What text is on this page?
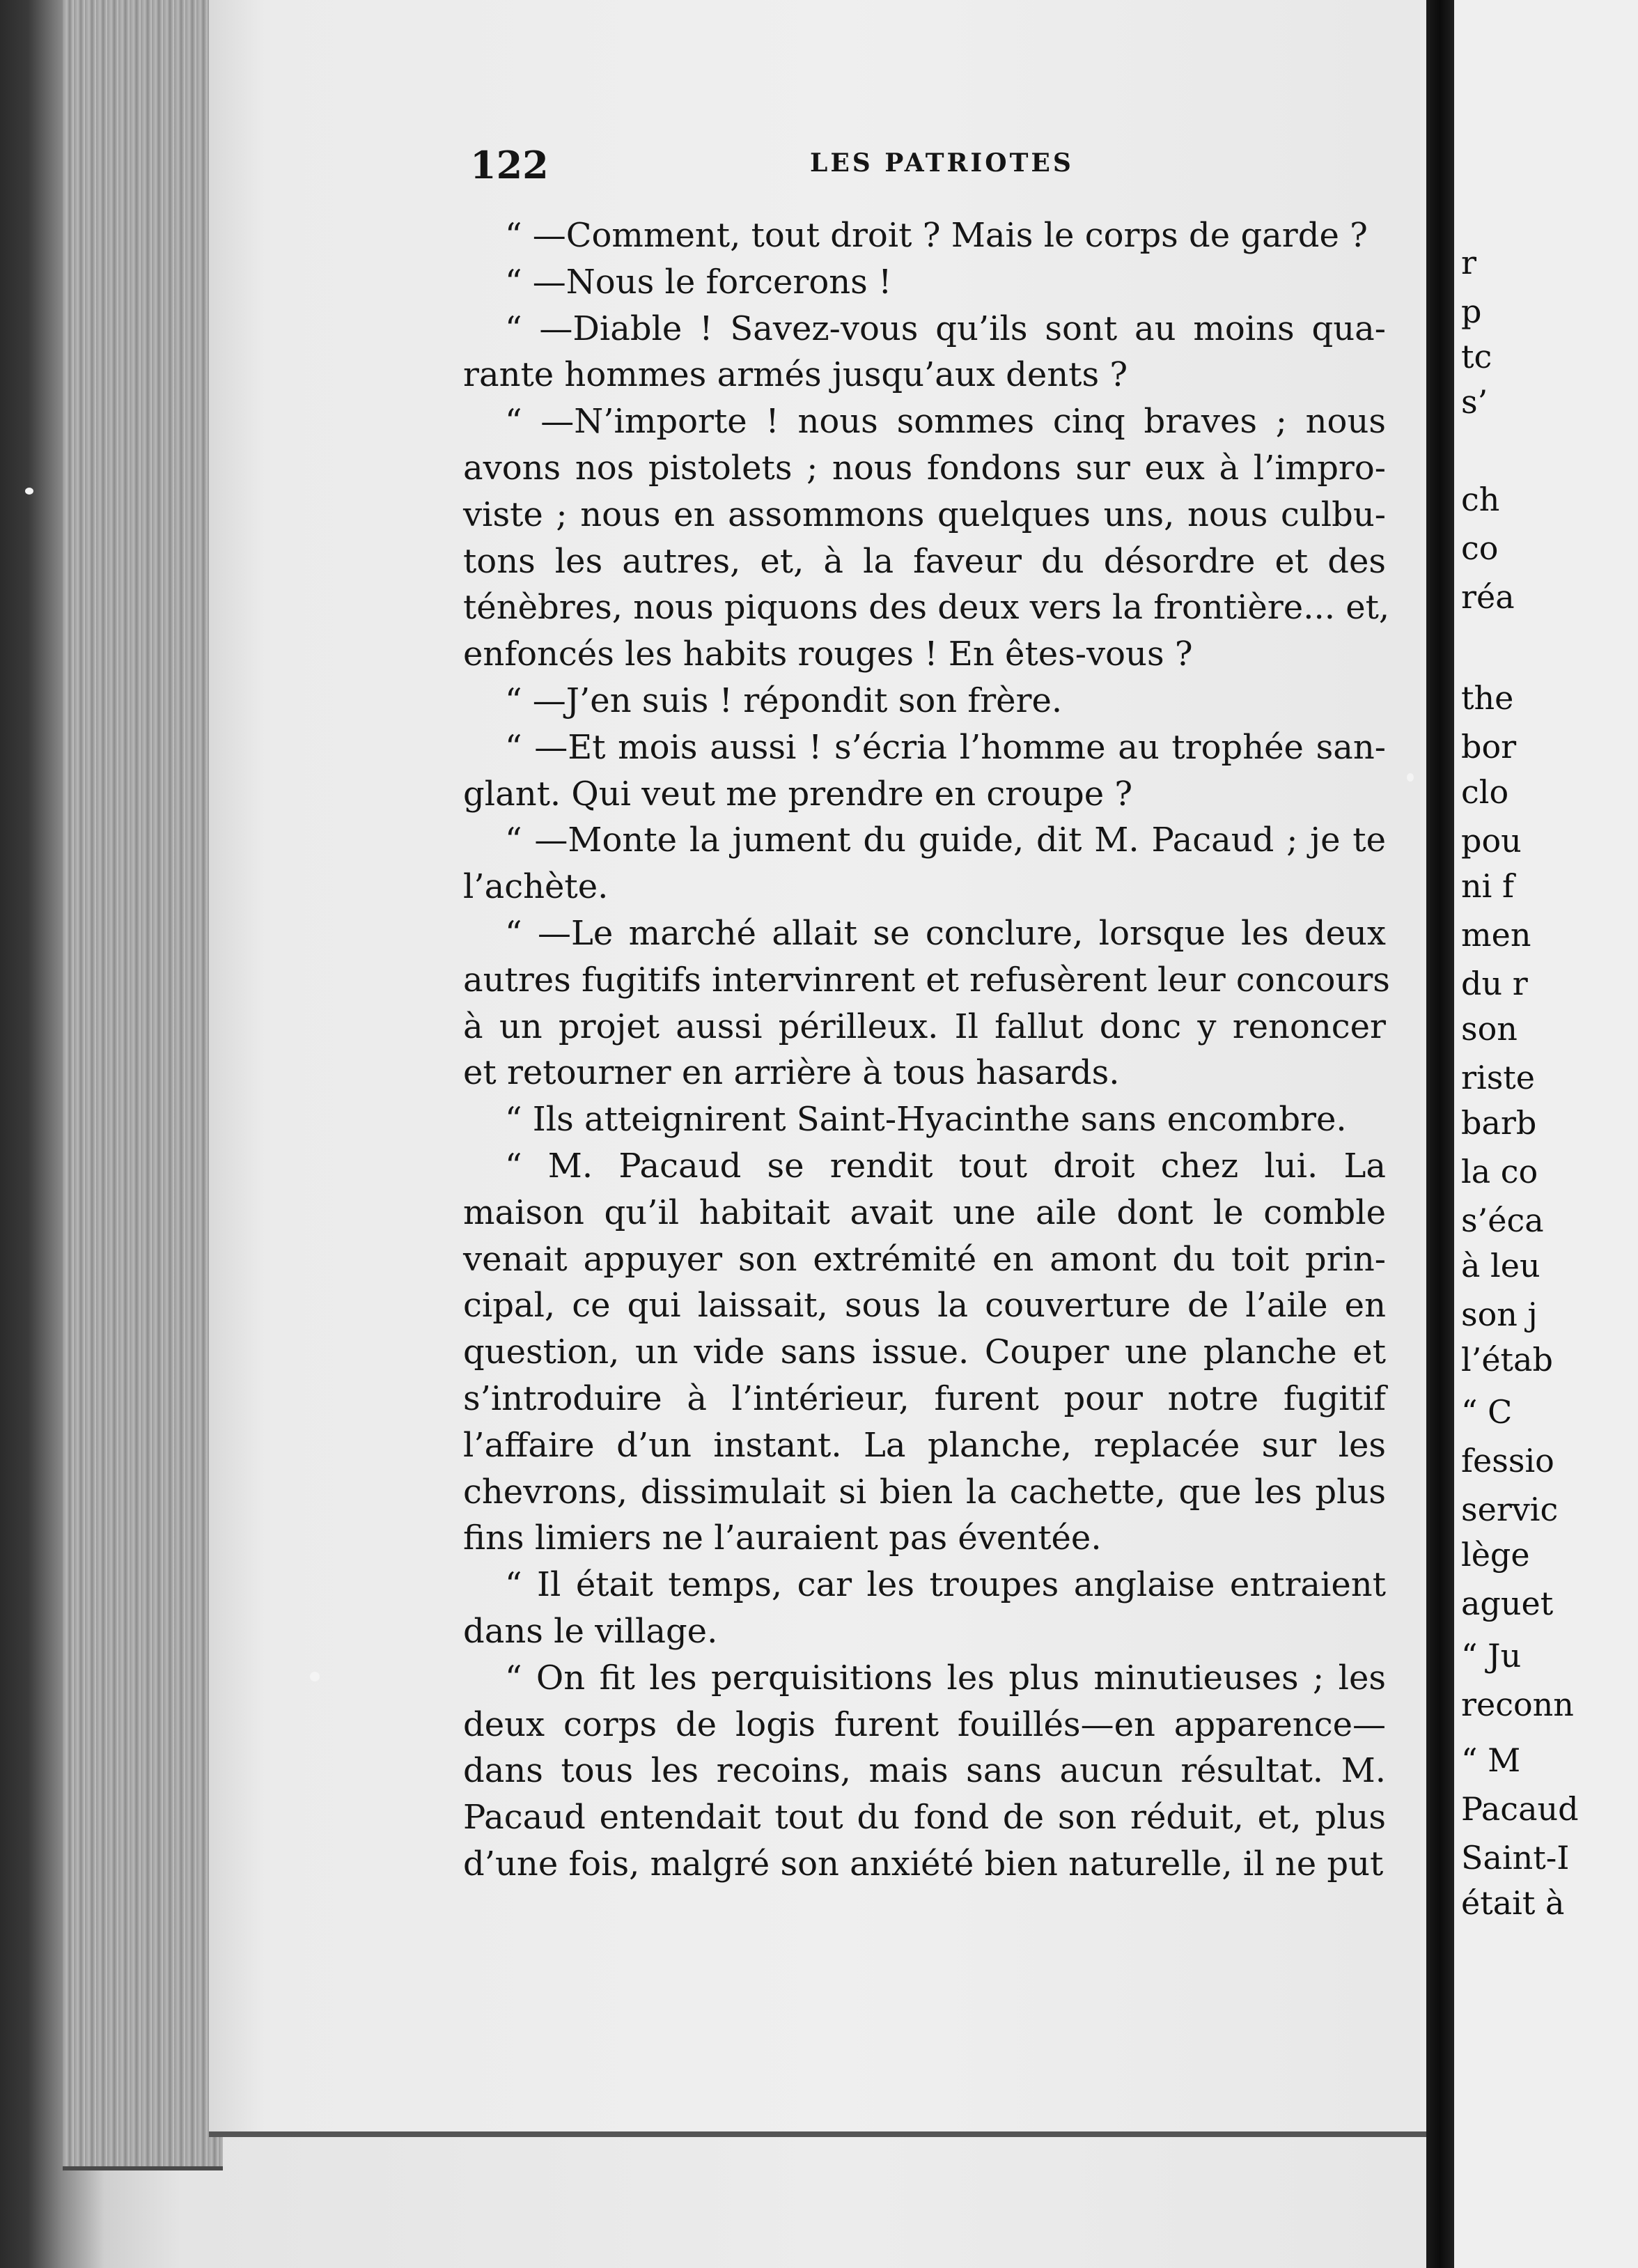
122	LES PATRIOTES
“ —Comment, tout droit ? Mais le corps de garde ?
“ —Nous le forcerons !
“ —Diable ! Savez-vous qu’ils sont au moins qua-
rante hommes armés jusqu’aux dents ?
“ —N’importe ! nous sommes cinq braves ; nous
avons nos pistolets ; nous fondons sur eux à l’impro-
viste ; nous en assommons quelques uns, nous culbu-
tons les autres, et, à la faveur du désordre et des
ténèbres, nous piquons des deux vers la frontière... et,
enfoncés les habits rouges ! En êtes-vous ?
“ —J’en suis ! répondit son frère.
“ —Et mois aussi ! s’écria l’homme au trophée san-
glant. Qui veut me prendre en croupe ?
“ —Monte la jument du guide, dit M. Pacaud ; je te
l’achète.
“ —Le marché allait se conclure, lorsque les deux
autres fugitifs intervinrent et refusèrent leur concours
à un projet aussi périlleux. Il fallut donc y renoncer
et retourner en arrière à tous hasards.
“ Ils atteignirent Saint-Hyacinthe sans encombre.
“ M. Pacaud se rendit tout droit chez lui. La
maison qu’il habitait avait une aile dont le comble
venait appuyer son extrémité en amont du toit prin-
cipal, ce qui laissait, sous la couverture de l’aile en
question, un vide sans issue. Couper une planche et
s’introduire à l’intérieur, furent pour notre fugitif
l’affaire d’un instant. La planche, replacée sur les
chevrons, dissimulait si bien la cachette, que les plus
fins limiers ne l’auraient pas éventée.
“ Il était temps, car les troupes anglaise entraient
dans le village.
“ On fit les perquisitions les plus minutieuses ; les
deux corps de logis furent fouillés—en apparence—
dans tous les recoins, mais sans aucun résultat. M.
Pacaud entendait tout du fond de son réduit, et, plus
d’une fois, malgré son anxiété bien naturelle, il ne put
r
p
tc
s’
ch
co
réa
the
bor
clo
pou
ni f
men
du r
son
riste
barb
la co
s’éca
à leu
son j
l’étab
“ C
fessio
servic
lège
aguet
“ Ju
reconn
“ M
Pacaud
Saint-I
était à
